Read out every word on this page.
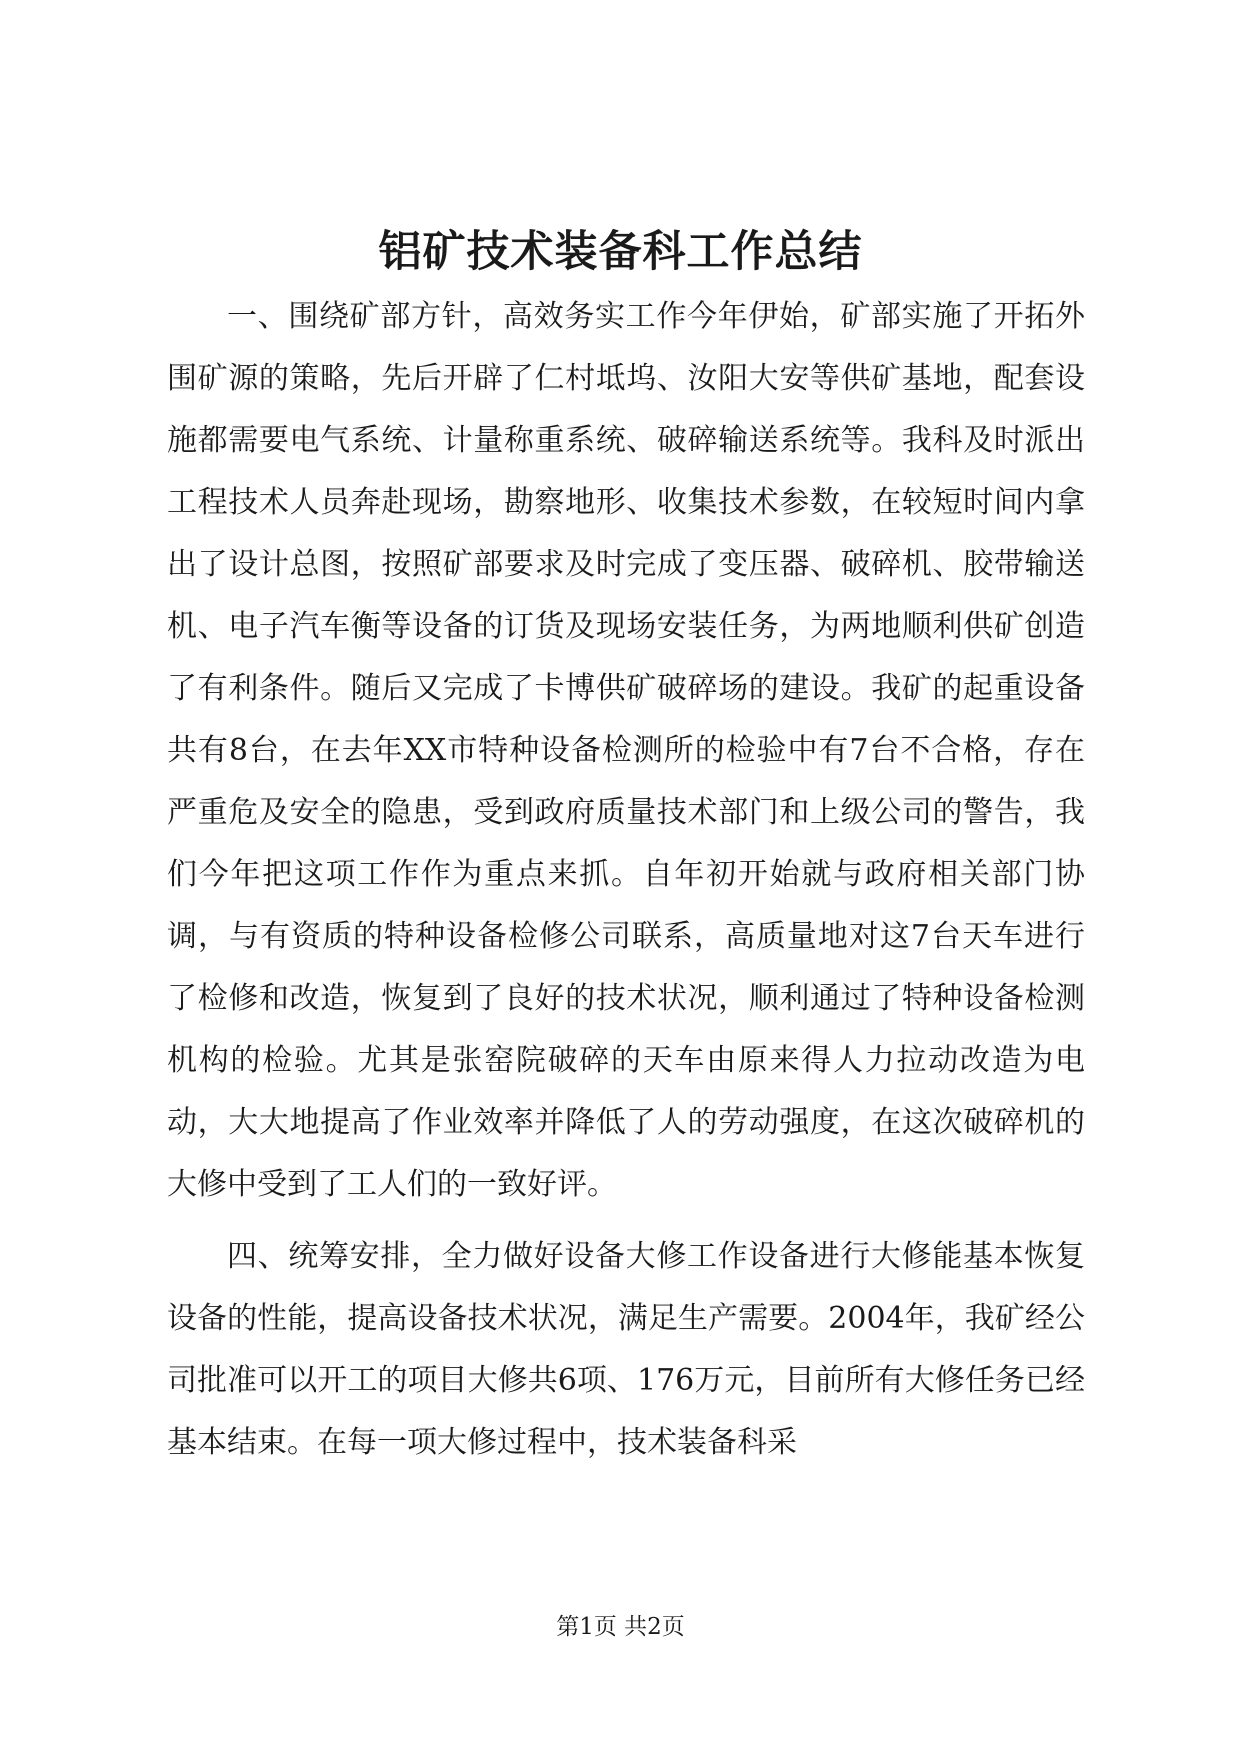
铝矿技术装备科工作总结

一、围绕矿部方针，高效务实工作今年伊始，矿部实施了开拓外围矿源的策略，先后开辟了仁村坻坞、汝阳大安等供矿基地，配套设施都需要电气系统、计量称重系统、破碎输送系统等。我科及时派出工程技术人员奔赴现场，勘察地形、收集技术参数，在较短时间内拿出了设计总图，按照矿部要求及时完成了变压器、破碎机、胶带输送机、电子汽车衡等设备的订货及现场安装任务，为两地顺利供矿创造了有利条件。随后又完成了卡博供矿破碎场的建设。我矿的起重设备共有8台，在去年XX市特种设备检测所的检验中有7台不合格，存在严重危及安全的隐患，受到政府质量技术部门和上级公司的警告，我们今年把这项工作作为重点来抓。自年初开始就与政府相关部门协调，与有资质的特种设备检修公司联系，高质量地对这7台天车进行了检修和改造，恢复到了良好的技术状况，顺利通过了特种设备检测机构的检验。尤其是张窑院破碎的天车由原来得人力拉动改造为电动，大大地提高了作业效率并降低了人的劳动强度，在这次破碎机的大修中受到了工人们的一致好评。

四、统筹安排，全力做好设备大修工作设备进行大修能基本恢复设备的性能，提高设备技术状况，满足生产需要。2004年，我矿经公司批准可以开工的项目大修共6项、176万元，目前所有大修任务已经基本结束。在每一项大修过程中，技术装备科采

第1页 共2页
